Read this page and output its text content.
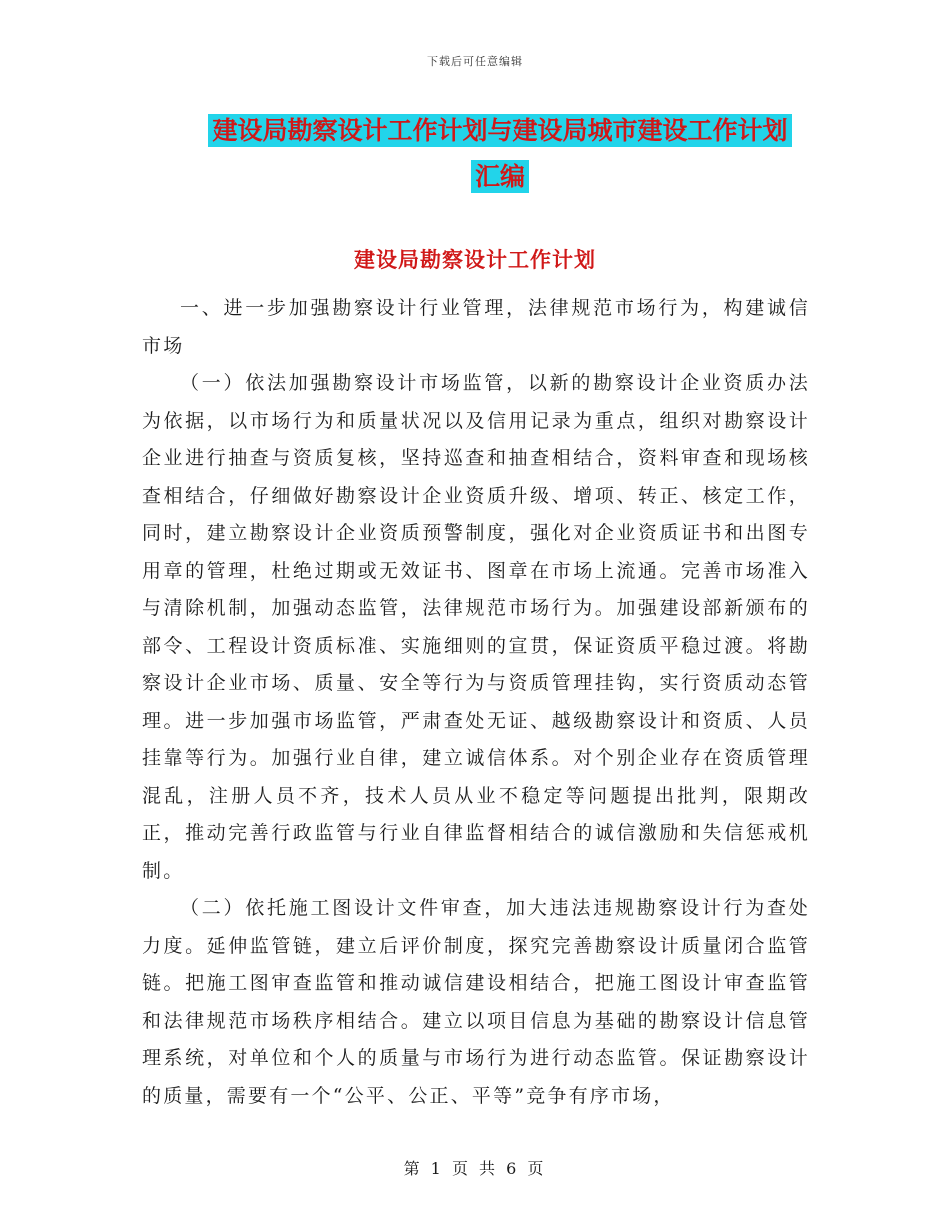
下载后可任意编辑
建设局勘察设计工作计划与建设局城市建设工作计划
汇编
建设局勘察设计工作计划

一、进一步加强勘察设计行业管理，法律规范市场行为，构建诚信市场

（一）依法加强勘察设计市场监管，以新的勘察设计企业资质办法为依据，以市场行为和质量状况以及信用记录为重点，组织对勘察设计企业进行抽查与资质复核，坚持巡查和抽查相结合，资料审查和现场核查相结合，仔细做好勘察设计企业资质升级、增项、转正、核定工作，同时，建立勘察设计企业资质预警制度，强化对企业资质证书和出图专用章的管理，杜绝过期或无效证书、图章在市场上流通。完善市场准入与清除机制，加强动态监管，法律规范市场行为。加强建设部新颁布的部令、工程设计资质标准、实施细则的宣贯，保证资质平稳过渡。将勘察设计企业市场、质量、安全等行为与资质管理挂钩，实行资质动态管理。进一步加强市场监管，严肃查处无证、越级勘察设计和资质、人员挂靠等行为。加强行业自律，建立诚信体系。对个别企业存在资质管理混乱，注册人员不齐，技术人员从业不稳定等问题提出批判，限期改正，推动完善行政监管与行业自律监督相结合的诚信激励和失信惩戒机制。

（二）依托施工图设计文件审查，加大违法违规勘察设计行为查处力度。延伸监管链，建立后评价制度，探究完善勘察设计质量闭合监管链。把施工图审查监管和推动诚信建设相结合，把施工图设计审查监管和法律规范市场秩序相结合。建立以项目信息为基础的勘察设计信息管理系统，对单位和个人的质量与市场行为进行动态监管。保证勘察设计的质量，需要有一个“公平、公正、平等”竞争有序市场，

第 1 页 共 6 页
